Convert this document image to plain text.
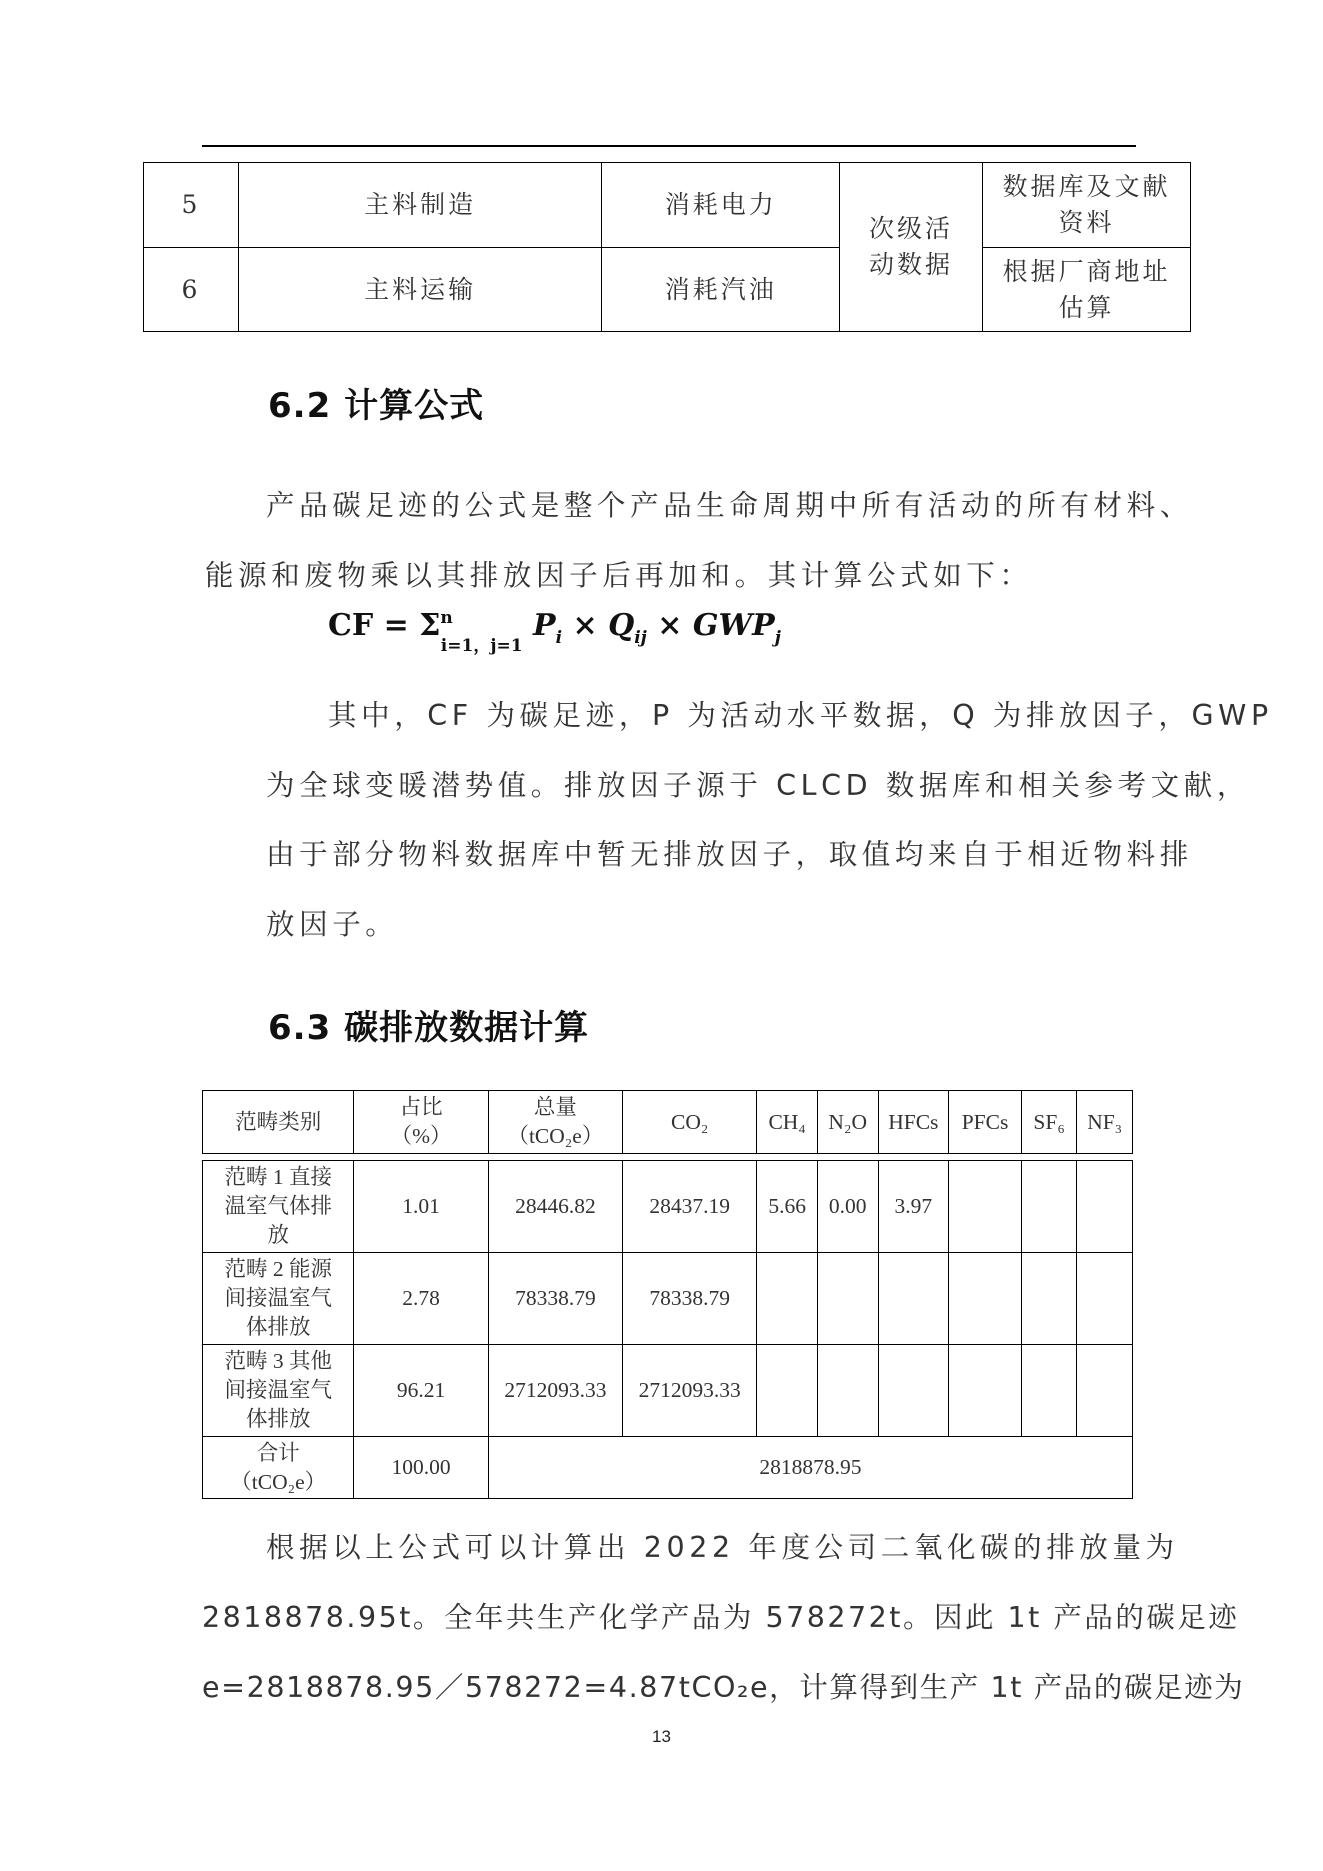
5	主料制造	消耗电力	次级活动数据	数据库及文献资料

6	主料运输	消耗汽油		根据厂商地址估算
6.2 计算公式
产品碳足迹的公式是整个产品生命周期中所有活动的所有材料、
能源和废物乘以其排放因子后再加和。其计算公式如下：
CF = $\Sigma^n_{i=1,j=1}$ $P_i \times Q_{ij} \times GWP_j$
其中，CF 为碳足迹，P 为活动水平数据，Q 为排放因子，GWP
为全球变暖潜势值。排放因子源于 CLCD 数据库和相关参考文献，
由于部分物料数据库中暂无排放因子，取值均来自于相近物料排
放因子。
6.3 碳排放数据计算
范畴类别	占比（%）	总量（tCO₂e）	CO₂	CH₄	N₂O	HFCs	PFCs	SF₆	NF₃

范畴 1 直接温室气体排放	1.01	28446.82	28437.19	5.66	0.00	3.97			

范畴 2 能源间接温室气体排放	2.78	78338.79	78338.79						

范畴 3 其他间接温室气体排放	96.21	2712093.33	2712093.33						

合计（tCO₂e）	100.00	2818878.95							
根据以上公式可以计算出 2022 年度公司二氧化碳的排放量为
2818878.95t。全年共生产化学产品为 578272t。因此 1t 产品的碳足迹
e=2818878.95／578272=4.87tCO₂e，计算得到生产 1t 产品的碳足迹为
13
